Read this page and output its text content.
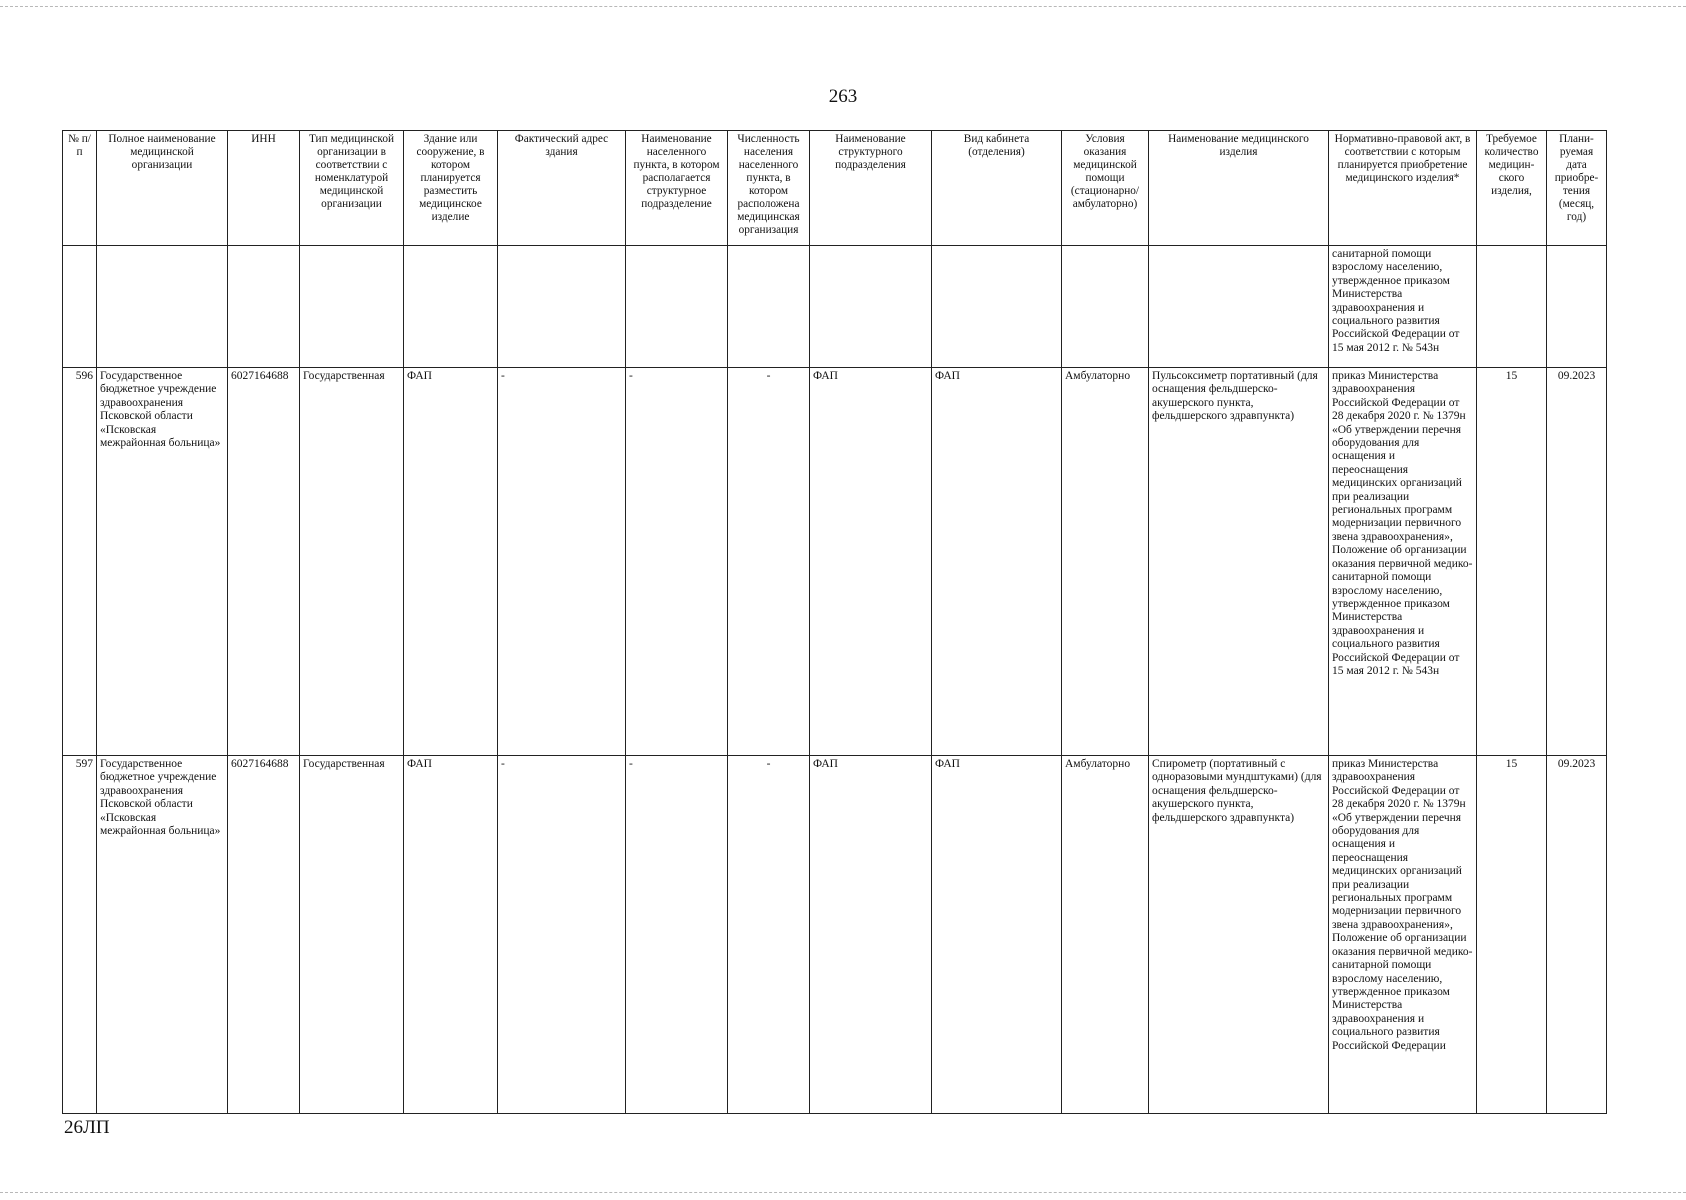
263
№ п/п	Полное наименование медицинской организации	ИНН	Тип медицинской организации в соответствии с номенклатурой медицинской организации	Здание или сооружение, в котором планируется разместить медицинское изделие	Фактический адрес здания	Наименование населенного пункта, в котором располагается структурное подразделение	Численность населения населенного пункта, в котором расположена медицинская организация	Наименование структурного подразделения	Вид кабинета (отделения)	Условия оказания медицинской помощи (стационарно/ амбулаторно)	Наименование медицинского изделия	Нормативно-правовой акт, в соответствии с которым планируется приобретение медицинского изделия*	Требуемое количество медицин-ского изделия,	Плани-руемая дата приобре-тения (месяц, год)
												санитарной помощи взрослому населению, утвержденное приказом Министерства здравоохранения и социального развития Российской Федерации от 15 мая 2012 г. № 543н		
596	Государственное бюджетное учреждение здравоохранения Псковской области «Псковская межрайонная больница»	6027164688	Государственная	ФАП	-	-	-	ФАП	ФАП	Амбулаторно	Пульсоксиметр портативный (для оснащения фельдшерско-акушерского пункта, фельдшерского здравпункта)	приказ Министерства здравоохранения Российской Федерации от 28 декабря 2020 г. № 1379н «Об утверждении перечня оборудования для оснащения и переоснащения медицинских организаций при реализации региональных программ модернизации первичного звена здравоохранения», Положение об организации оказания первичной медико-санитарной помощи взрослому населению, утвержденное приказом Министерства здравоохранения и социального развития Российской Федерации от 15 мая 2012 г. № 543н	15	09.2023
597	Государственное бюджетное учреждение здравоохранения Псковской области «Псковская межрайонная больница»	6027164688	Государственная	ФАП	-	-	-	ФАП	ФАП	Амбулаторно	Спирометр (портативный с одноразовыми мундштуками) (для оснащения фельдшерско-акушерского пункта, фельдшерского здравпункта)	приказ Министерства здравоохранения Российской Федерации от 28 декабря 2020 г. № 1379н «Об утверждении перечня оборудования для оснащения и переоснащения медицинских организаций при реализации региональных программ модернизации первичного звена здравоохранения», Положение об организации оказания первичной медико-санитарной помощи взрослому населению, утвержденное приказом Министерства здравоохранения и социального развития Российской Федерации	15	09.2023
26ЛП
